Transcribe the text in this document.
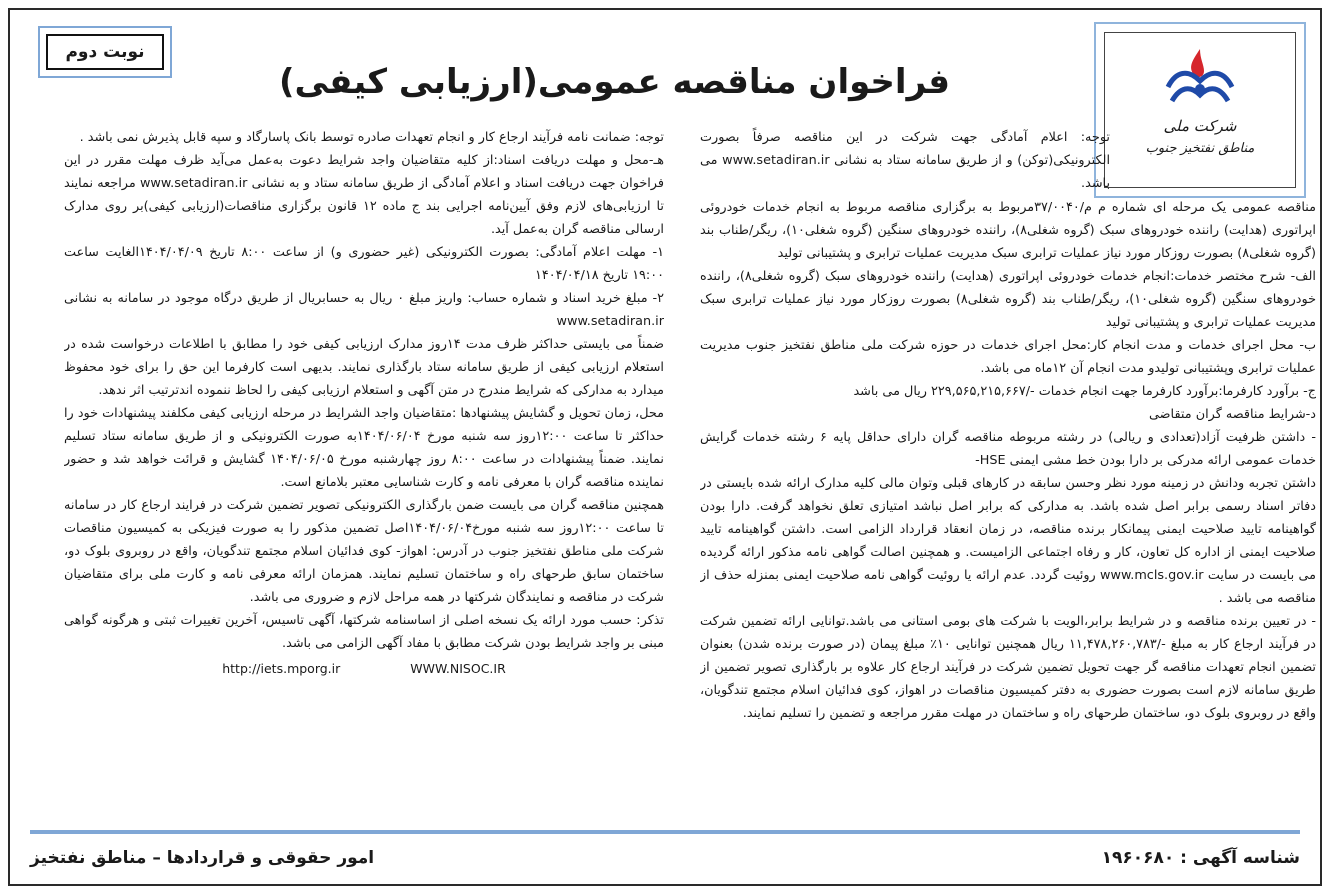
نوبت دوم
فراخوان مناقصه عمومی(ارزیابی کیفی)
شرکت ملی
مناطق نفتخیز جنوب

توجه: اعلام آمادگی جهت شرکت در این مناقصه صرفاً بصورت الکترونیکی(توکن) و از طریق سامانه ستاد به نشانی www.setadiran.ir می باشد.

مناقصه عمومی یک مرحله ای شماره م م/۳۷/۰۰۴۰مربوط به برگزاری مناقصه مربوط به انجام خدمات خودروئی اپراتوری (هدایت) راننده خودروهای سبک (گروه شغلی۸)، راننده خودروهای سنگین (گروه شغلی۱۰)، ریگر/طناب بند (گروه شغلی۸) بصورت روزکار مورد نیاز عملیات ترابری سبک مدیریت عملیات ترابری و پشتیبانی تولید

الف- شرح مختصر خدمات:انجام خدمات خودروئی اپراتوری (هدایت) راننده خودروهای سبک (گروه شغلی۸)، راننده خودروهای سنگین (گروه شغلی۱۰)، ریگر/طناب بند (گروه شغلی۸) بصورت روزکار مورد نیاز عملیات ترابری سبک مدیریت عملیات ترابری و پشتیبانی تولید

ب- محل اجرای خدمات و مدت انجام کار:محل اجرای خدمات در حوزه شرکت ملی مناطق نفتخیز جنوب مدیریت عملیات ترابری وپشتیبانی تولیدو مدت انجام آن ۱۲ماه می باشد.

ج- برآورد کارفرما:برآورد کارفرما جهت انجام خدمات -/۲۲۹,۵۶۵,۲۱۵,۶۶۷ ریال می باشد

د-شرایط مناقصه گران متقاضی

- داشتن ظرفیت آزاد(تعدادی و ریالی) در رشته مربوطه مناقصه گران دارای حداقل پایه ۶ رشته خدمات گرایش خدمات عمومی ارائه مدرکی بر دارا بودن خط مشی ایمنی HSE-

داشتن تجربه ودانش در زمینه مورد نظر وحسن سابقه در کارهای قبلی وتوان مالی کلیه مدارک ارائه شده بایستی در دفاتر اسناد رسمی برابر اصل شده باشد. به مدارکی که برابر اصل نباشد امتیازی تعلق نخواهد گرفت. دارا بودن گواهینامه تایید صلاحیت ایمنی پیمانکار برنده مناقصه، در زمان انعقاد قرارداد الزامی است. داشتن گواهینامه تایید صلاحیت ایمنی از اداره کل تعاون، کار و رفاه اجتماعی الزامیست. و همچنین اصالت گواهی نامه مذکور ارائه گردیده می بایست در سایت www.mcls.gov.ir روئیت گردد. عدم ارائه یا روئیت گواهی نامه صلاحیت ایمنی بمنزله حذف از مناقصه می باشد .

- در تعیین برنده مناقصه و در شرایط برابر،الویت با شرکت های بومی استانی می باشد.توانایی ارائه تضمین شرکت در فرآیند ارجاع کار به مبلغ -/۱۱,۴۷۸,۲۶۰,۷۸۳ ریال همچنین توانایی ۱۰٪ مبلغ پیمان (در صورت برنده شدن) بعنوان تضمین انجام تعهدات مناقصه گر جهت تحویل تضمین شرکت در فرآیند ارجاع کار علاوه بر بارگذاری تصویر تضمین از طریق سامانه لازم است بصورت حضوری به دفتر کمیسیون مناقصات در اهواز، کوی فدائیان اسلام مجتمع تندگویان، واقع در روبروی بلوک دو، ساختمان طرحهای راه و ساختمان در مهلت مقرر مراجعه و تضمین را تسلیم نمایند.

توجه: ضمانت نامه فرآیند ارجاع کار و انجام تعهدات صادره توسط بانک پاسارگاد و سپه قابل پذیرش نمی باشد .

هـ-محل و مهلت دریافت اسناد:از کلیه متقاضیان واجد شرایط دعوت به‌عمل می‌آید ظرف مهلت مقرر در این فراخوان جهت دریافت اسناد و اعلام آمادگی از طریق سامانه ستاد و به نشانی www.setadiran.ir مراجعه نمایند تا ارزیابی‌های لازم وفق آیین‌نامه اجرایی بند ج ماده ۱۲ قانون برگزاری مناقصات(ارزیابی کیفی)بر روی مدارک ارسالی مناقصه گران به‌عمل آید.

۱- مهلت اعلام آمادگی: بصورت الکترونیکی (غیر حضوری و) از ساعت ۸:۰۰ تاریخ ۱۴۰۴/۰۴/۰۹الغایت ساعت ۱۹:۰۰ تاریخ ۱۴۰۴/۰۴/۱۸

۲- مبلغ خرید اسناد و شماره حساب: واریز مبلغ ۰ ریال به حسابریال از طریق درگاه موجود در سامانه به نشانی www.setadiran.ir

ضمناً می بایستی حداکثر ظرف مدت ۱۴روز مدارک ارزیابی کیفی خود را مطابق با اطلاعات درخواست شده در استعلام ارزیابی کیفی از طریق سامانه ستاد بارگذاری نمایند. بدیهی است کارفرما این حق را برای خود محفوظ میدارد به مدارکی که شرایط مندرج در متن آگهی و استعلام ارزیابی کیفی را لحاظ ننموده اندترتیب اثر ندهد.

محل، زمان تحویل و گشایش پیشنهادها :متقاضیان واجد الشرایط در مرحله ارزیابی کیفی مکلفند پیشنهادات خود را حداکثر تا ساعت ۱۲:۰۰روز سه شنبه مورخ ۱۴۰۴/۰۶/۰۴به صورت الکترونیکی و از طریق سامانه ستاد تسلیم نمایند. ضمناً پیشنهادات در ساعت ۸:۰۰ روز چهارشنبه مورخ ۱۴۰۴/۰۶/۰۵ گشایش و قرائت خواهد شد و حضور نماینده مناقصه گران با معرفی نامه و کارت شناسایی معتبر بلامانع است.

همچنین مناقصه گران می بایست ضمن بارگذاری الکترونیکی تصویر تضمین شرکت در فرایند ارجاع کار در سامانه تا ساعت ۱۲:۰۰روز سه شنبه مورخ۱۴۰۴/۰۶/۰۴اصل تضمین مذکور را به صورت فیزیکی به کمیسیون مناقصات شرکت ملی مناطق نفتخیز جنوب در آدرس: اهواز- کوی فدائیان اسلام مجتمع تندگویان، واقع در روبروی بلوک دو، ساختمان سابق طرحهای راه و ساختمان تسلیم نمایند. همزمان ارائه معرفی نامه و کارت ملی برای متقاضیان شرکت در مناقصه و نمایندگان شرکتها در همه مراحل لازم و ضروری می باشد.

تذکر: حسب مورد ارائه یک نسخه اصلی از اساسنامه شرکتها، آگهی تاسیس، آخرین تغییرات ثبتی و هرگونه گواهی مبنی بر واجد شرایط بودن شرکت مطابق با مفاد آگهی الزامی می باشد.

http://iets.mporg.ir	WWW.NISOC.IR
شناسه آگهی : ۱۹۶۰۶۸۰
امور حقوقی و قراردادها – مناطق نفتخیز
